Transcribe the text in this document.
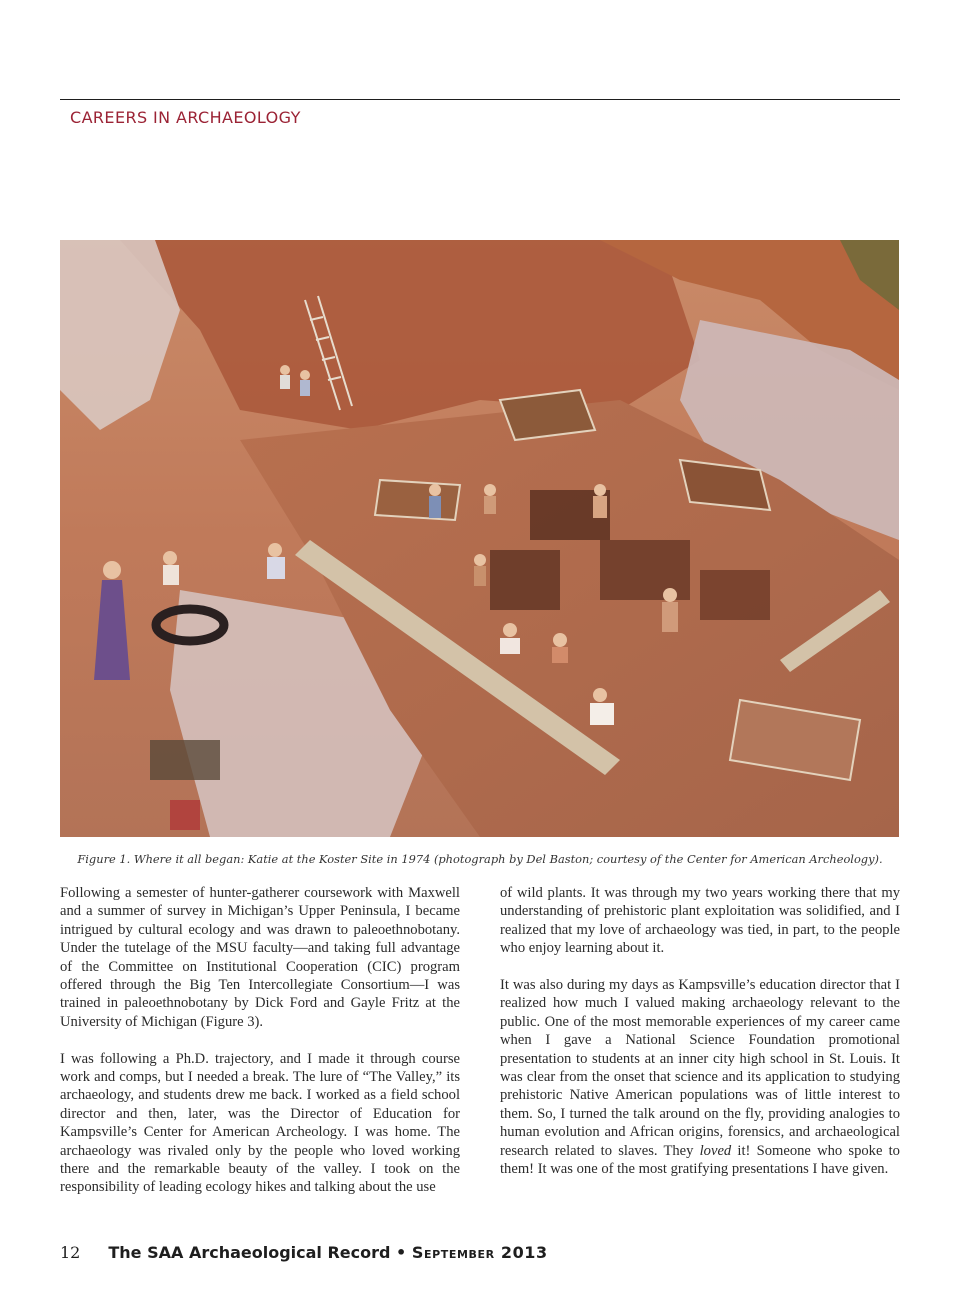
CAREERS IN ARCHAEOLOGY
Figure 1. Where it all began: Katie at the Koster Site in 1974 (photograph by Del Baston; courtesy of the Center for American Archeology).

Following a semester of hunter-gatherer coursework with Maxwell and a summer of survey in Michigan’s Upper Peninsula, I became intrigued by cultural ecology and was drawn to paleoethnobotany. Under the tutelage of the MSU faculty—and taking full advantage of the Committee on Institutional Cooperation (CIC) program offered through the Big Ten Intercollegiate Consortium—I was trained in paleoethnobotany by Dick Ford and Gayle Fritz at the University of Michigan (Figure 3).

I was following a Ph.D. trajectory, and I made it through course work and comps, but I needed a break. The lure of “The Valley,” its archaeology, and students drew me back. I worked as a field school director and then, later, was the Director of Education for Kampsville’s Center for American Archeology. I was home. The archaeology was rivaled only by the people who loved working there and the remarkable beauty of the valley. I took on the responsibility of leading ecology hikes and talking about the use

of wild plants. It was through my two years working there that my understanding of prehistoric plant exploitation was solidified, and I realized that my love of archaeology was tied, in part, to the people who enjoy learning about it.

It was also during my days as Kampsville’s education director that I realized how much I valued making archaeology relevant to the public. One of the most memorable experiences of my career came when I gave a National Science Foundation promotional presentation to students at an inner city high school in St. Louis. It was clear from the onset that science and its application to studying prehistoric Native American populations was of little interest to them. So, I turned the talk around on the fly, providing analogies to human evolution and African origins, forensics, and archaeological research related to slaves. They loved it! Someone who spoke to them! It was one of the most gratifying presentations I have given.

12 The SAA Archaeological Record • September 2013
